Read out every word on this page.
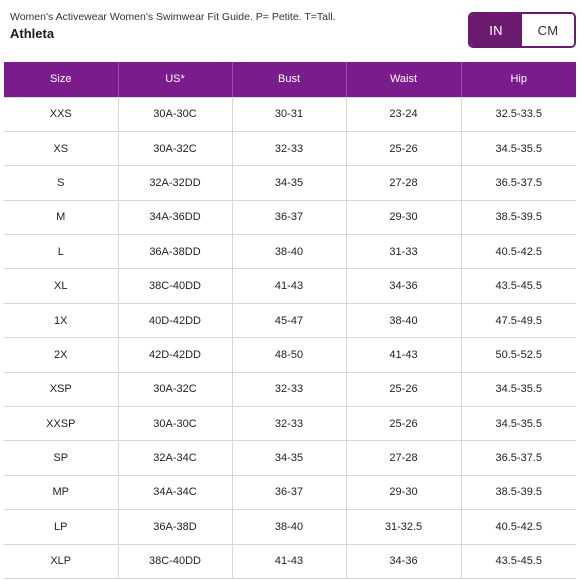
Women's Activewear Women's Swimwear Fit Guide. P= Petite. T=Tall.
Athleta	IN	CM
Size	US*	Bust	Waist	Hip
XXS	30A-30C	30-31	23-24	32.5-33.5
XS	30A-32C	32-33	25-26	34.5-35.5
S	32A-32DD	34-35	27-28	36.5-37.5
M	34A-36DD	36-37	29-30	38.5-39.5
L	36A-38DD	38-40	31-33	40.5-42.5
XL	38C-40DD	41-43	34-36	43.5-45.5
1X	40D-42DD	45-47	38-40	47.5-49.5
2X	42D-42DD	48-50	41-43	50.5-52.5
XSP	30A-32C	32-33	25-26	34.5-35.5
XXSP	30A-30C	32-33	25-26	34.5-35.5
SP	32A-34C	34-35	27-28	36.5-37.5
MP	34A-34C	36-37	29-30	38.5-39.5
LP	36A-38D	38-40	31-32.5	40.5-42.5
XLP	38C-40DD	41-43	34-36	43.5-45.5
